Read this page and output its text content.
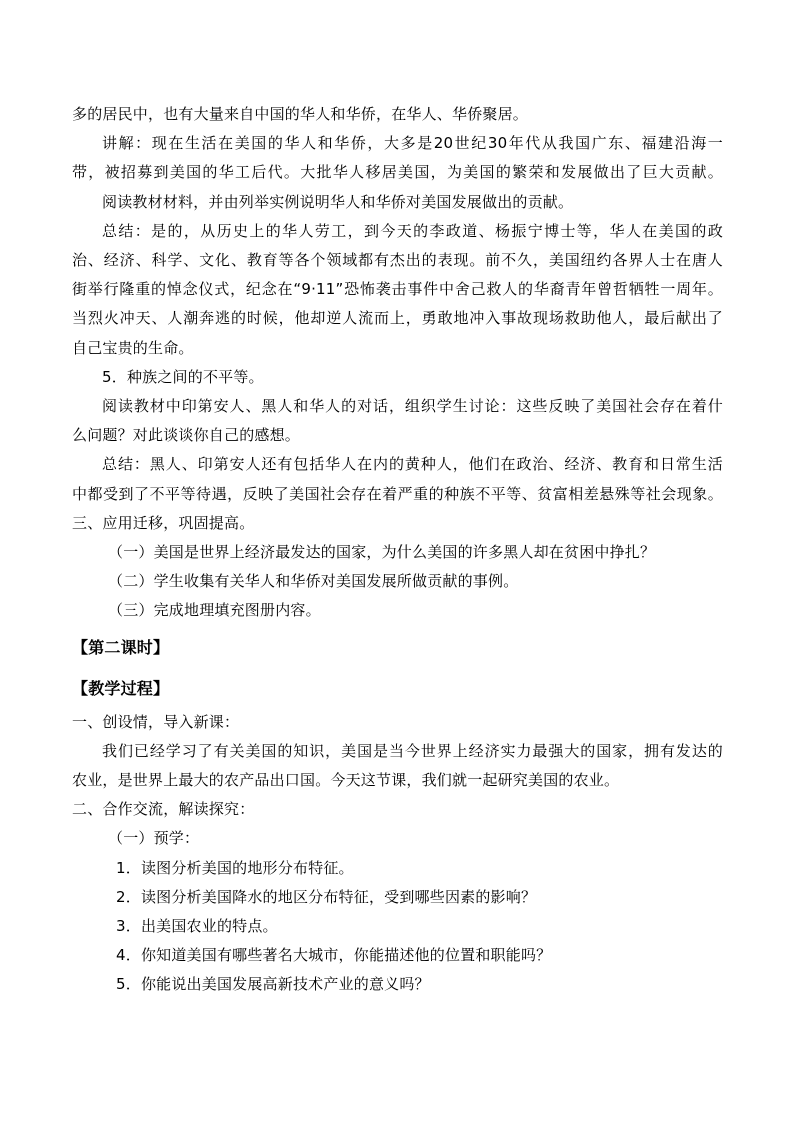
多的居民中，也有大量来自中国的华人和华侨，在华人、华侨聚居。

讲解：现在生活在美国的华人和华侨，大多是20世纪30年代从我国广东、福建沿海一

带，被招募到美国的华工后代。大批华人移居美国，为美国的繁荣和发展做出了巨大贡献。

阅读教材材料，并由列举实例说明华人和华侨对美国发展做出的贡献。

总结：是的，从历史上的华人劳工，到今天的李政道、杨振宁博士等，华人在美国的政

治、经济、科学、文化、教育等各个领域都有杰出的表现。前不久，美国纽约各界人士在唐人

街举行隆重的悼念仪式，纪念在“9·11”恐怖袭击事件中舍己救人的华裔青年曾哲牺牲一周年。

当烈火冲天、人潮奔逃的时候，他却逆人流而上，勇敢地冲入事故现场救助他人，最后献出了

自己宝贵的生命。

5．种族之间的不平等。

阅读教材中印第安人、黑人和华人的对话，组织学生讨论：这些反映了美国社会存在着什

么问题？对此谈谈你自己的感想。

总结：黑人、印第安人还有包括华人在内的黄种人，他们在政治、经济、教育和日常生活

中都受到了不平等待遇，反映了美国社会存在着严重的种族不平等、贫富相差悬殊等社会现象。

三、应用迁移，巩固提高。

（一）美国是世界上经济最发达的国家，为什么美国的许多黑人却在贫困中挣扎？

（二）学生收集有关华人和华侨对美国发展所做贡献的事例。

（三）完成地理填充图册内容。

【第二课时】

【教学过程】

一、创设情，导入新课：

我们已经学习了有关美国的知识，美国是当今世界上经济实力最强大的国家，拥有发达的

农业，是世界上最大的农产品出口国。今天这节课，我们就一起研究美国的农业。

二、合作交流，解读探究：

（一）预学：

1．读图分析美国的地形分布特征。

2．读图分析美国降水的地区分布特征，受到哪些因素的影响？

3．出美国农业的特点。

4．你知道美国有哪些著名大城市，你能描述他的位置和职能吗？

5．你能说出美国发展高新技术产业的意义吗？
